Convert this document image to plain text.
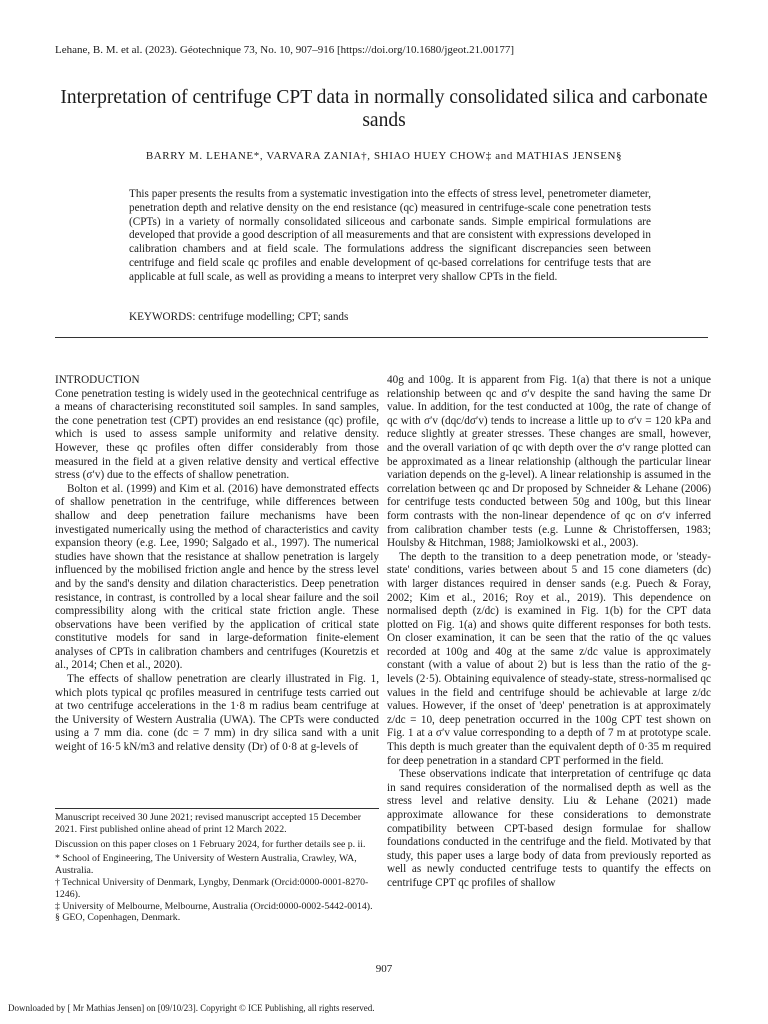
Lehane, B. M. et al. (2023). Géotechnique 73, No. 10, 907–916 [https://doi.org/10.1680/jgeot.21.00177]
Interpretation of centrifuge CPT data in normally consolidated silica and carbonate sands
BARRY M. LEHANE*, VARVARA ZANIA†, SHIAO HUEY CHOW‡ and MATHIAS JENSEN§
This paper presents the results from a systematic investigation into the effects of stress level, penetrometer diameter, penetration depth and relative density on the end resistance (qc) measured in centrifuge-scale cone penetration tests (CPTs) in a variety of normally consolidated siliceous and carbonate sands. Simple empirical formulations are developed that provide a good description of all measurements and that are consistent with expressions developed in calibration chambers and at field scale. The formulations address the significant discrepancies seen between centrifuge and field scale qc profiles and enable development of qc-based correlations for centrifuge tests that are applicable at full scale, as well as providing a means to interpret very shallow CPTs in the field.
KEYWORDS: centrifuge modelling; CPT; sands

INTRODUCTION

Cone penetration testing is widely used in the geotechnical centrifuge as a means of characterising reconstituted soil samples. In sand samples, the cone penetration test (CPT) provides an end resistance (qc) profile, which is used to assess sample uniformity and relative density. However, these qc profiles often differ considerably from those measured in the field at a given relative density and vertical effective stress (σ′v) due to the effects of shallow penetration.

Bolton et al. (1999) and Kim et al. (2016) have demonstrated effects of shallow penetration in the centrifuge, while differences between shallow and deep penetration failure mechanisms have been investigated numerically using the method of characteristics and cavity expansion theory (e.g. Lee, 1990; Salgado et al., 1997). The numerical studies have shown that the resistance at shallow penetration is largely influenced by the mobilised friction angle and hence by the stress level and by the sand's density and dilation characteristics. Deep penetration resistance, in contrast, is controlled by a local shear failure and the soil compressibility along with the critical state friction angle. These observations have been verified by the application of critical state constitutive models for sand in large-deformation finite-element analyses of CPTs in calibration chambers and centrifuges (Kouretzis et al., 2014; Chen et al., 2020).

The effects of shallow penetration are clearly illustrated in Fig. 1, which plots typical qc profiles measured in centrifuge tests carried out at two centrifuge accelerations in the 1·8 m radius beam centrifuge at the University of Western Australia (UWA). The CPTs were conducted using a 7 mm dia. cone (dc = 7 mm) in dry silica sand with a unit weight of 16·5 kN/m3 and relative density (Dr) of 0·8 at g-levels of

40g and 100g. It is apparent from Fig. 1(a) that there is not a unique relationship between qc and σ′v despite the sand having the same Dr value. In addition, for the test conducted at 100g, the rate of change of qc with σ′v (dqc/dσ′v) tends to increase a little up to σ′v = 120 kPa and reduce slightly at greater stresses. These changes are small, however, and the overall variation of qc with depth over the σ′v range plotted can be approximated as a linear relationship (although the particular linear variation depends on the g-level). A linear relationship is assumed in the correlation between qc and Dr proposed by Schneider & Lehane (2006) for centrifuge tests conducted between 50g and 100g, but this linear form contrasts with the non-linear dependence of qc on σ′v inferred from calibration chamber tests (e.g. Lunne & Christoffersen, 1983; Houlsby & Hitchman, 1988; Jamiolkowski et al., 2003).

The depth to the transition to a deep penetration mode, or 'steady-state' conditions, varies between about 5 and 15 cone diameters (dc) with larger distances required in denser sands (e.g. Puech & Foray, 2002; Kim et al., 2016; Roy et al., 2019). This dependence on normalised depth (z/dc) is examined in Fig. 1(b) for the CPT data plotted on Fig. 1(a) and shows quite different responses for both tests. On closer examination, it can be seen that the ratio of the qc values recorded at 100g and 40g at the same z/dc value is approximately constant (with a value of about 2) but is less than the ratio of the g-levels (2·5). Obtaining equivalence of steady-state, stress-normalised qc values in the field and centrifuge should be achievable at large z/dc values. However, if the onset of 'deep' penetration is at approximately z/dc = 10, deep penetration occurred in the 100g CPT test shown on Fig. 1 at a σ′v value corresponding to a depth of 7 m at prototype scale. This depth is much greater than the equivalent depth of 0·35 m required for deep penetration in a standard CPT performed in the field.

These observations indicate that interpretation of centrifuge qc data in sand requires consideration of the normalised depth as well as the stress level and relative density. Liu & Lehane (2021) made approximate allowance for these considerations to demonstrate compatibility between CPT-based design formulae for shallow foundations conducted in the centrifuge and the field. Motivated by that study, this paper uses a large body of data from previously reported as well as newly conducted centrifuge tests to quantify the effects on centrifuge CPT qc profiles of shallow

Manuscript received 30 June 2021; revised manuscript accepted 15 December 2021. First published online ahead of print 12 March 2022.

Discussion on this paper closes on 1 February 2024, for further details see p. ii.

* School of Engineering, The University of Western Australia, Crawley, WA, Australia.

† Technical University of Denmark, Lyngby, Denmark (Orcid:0000-0001-8270-1246).

‡ University of Melbourne, Melbourne, Australia (Orcid:0000-0002-5442-0014).

§ GEO, Copenhagen, Denmark.

907
Downloaded by [ Mr Mathias Jensen] on [09/10/23]. Copyright © ICE Publishing, all rights reserved.
